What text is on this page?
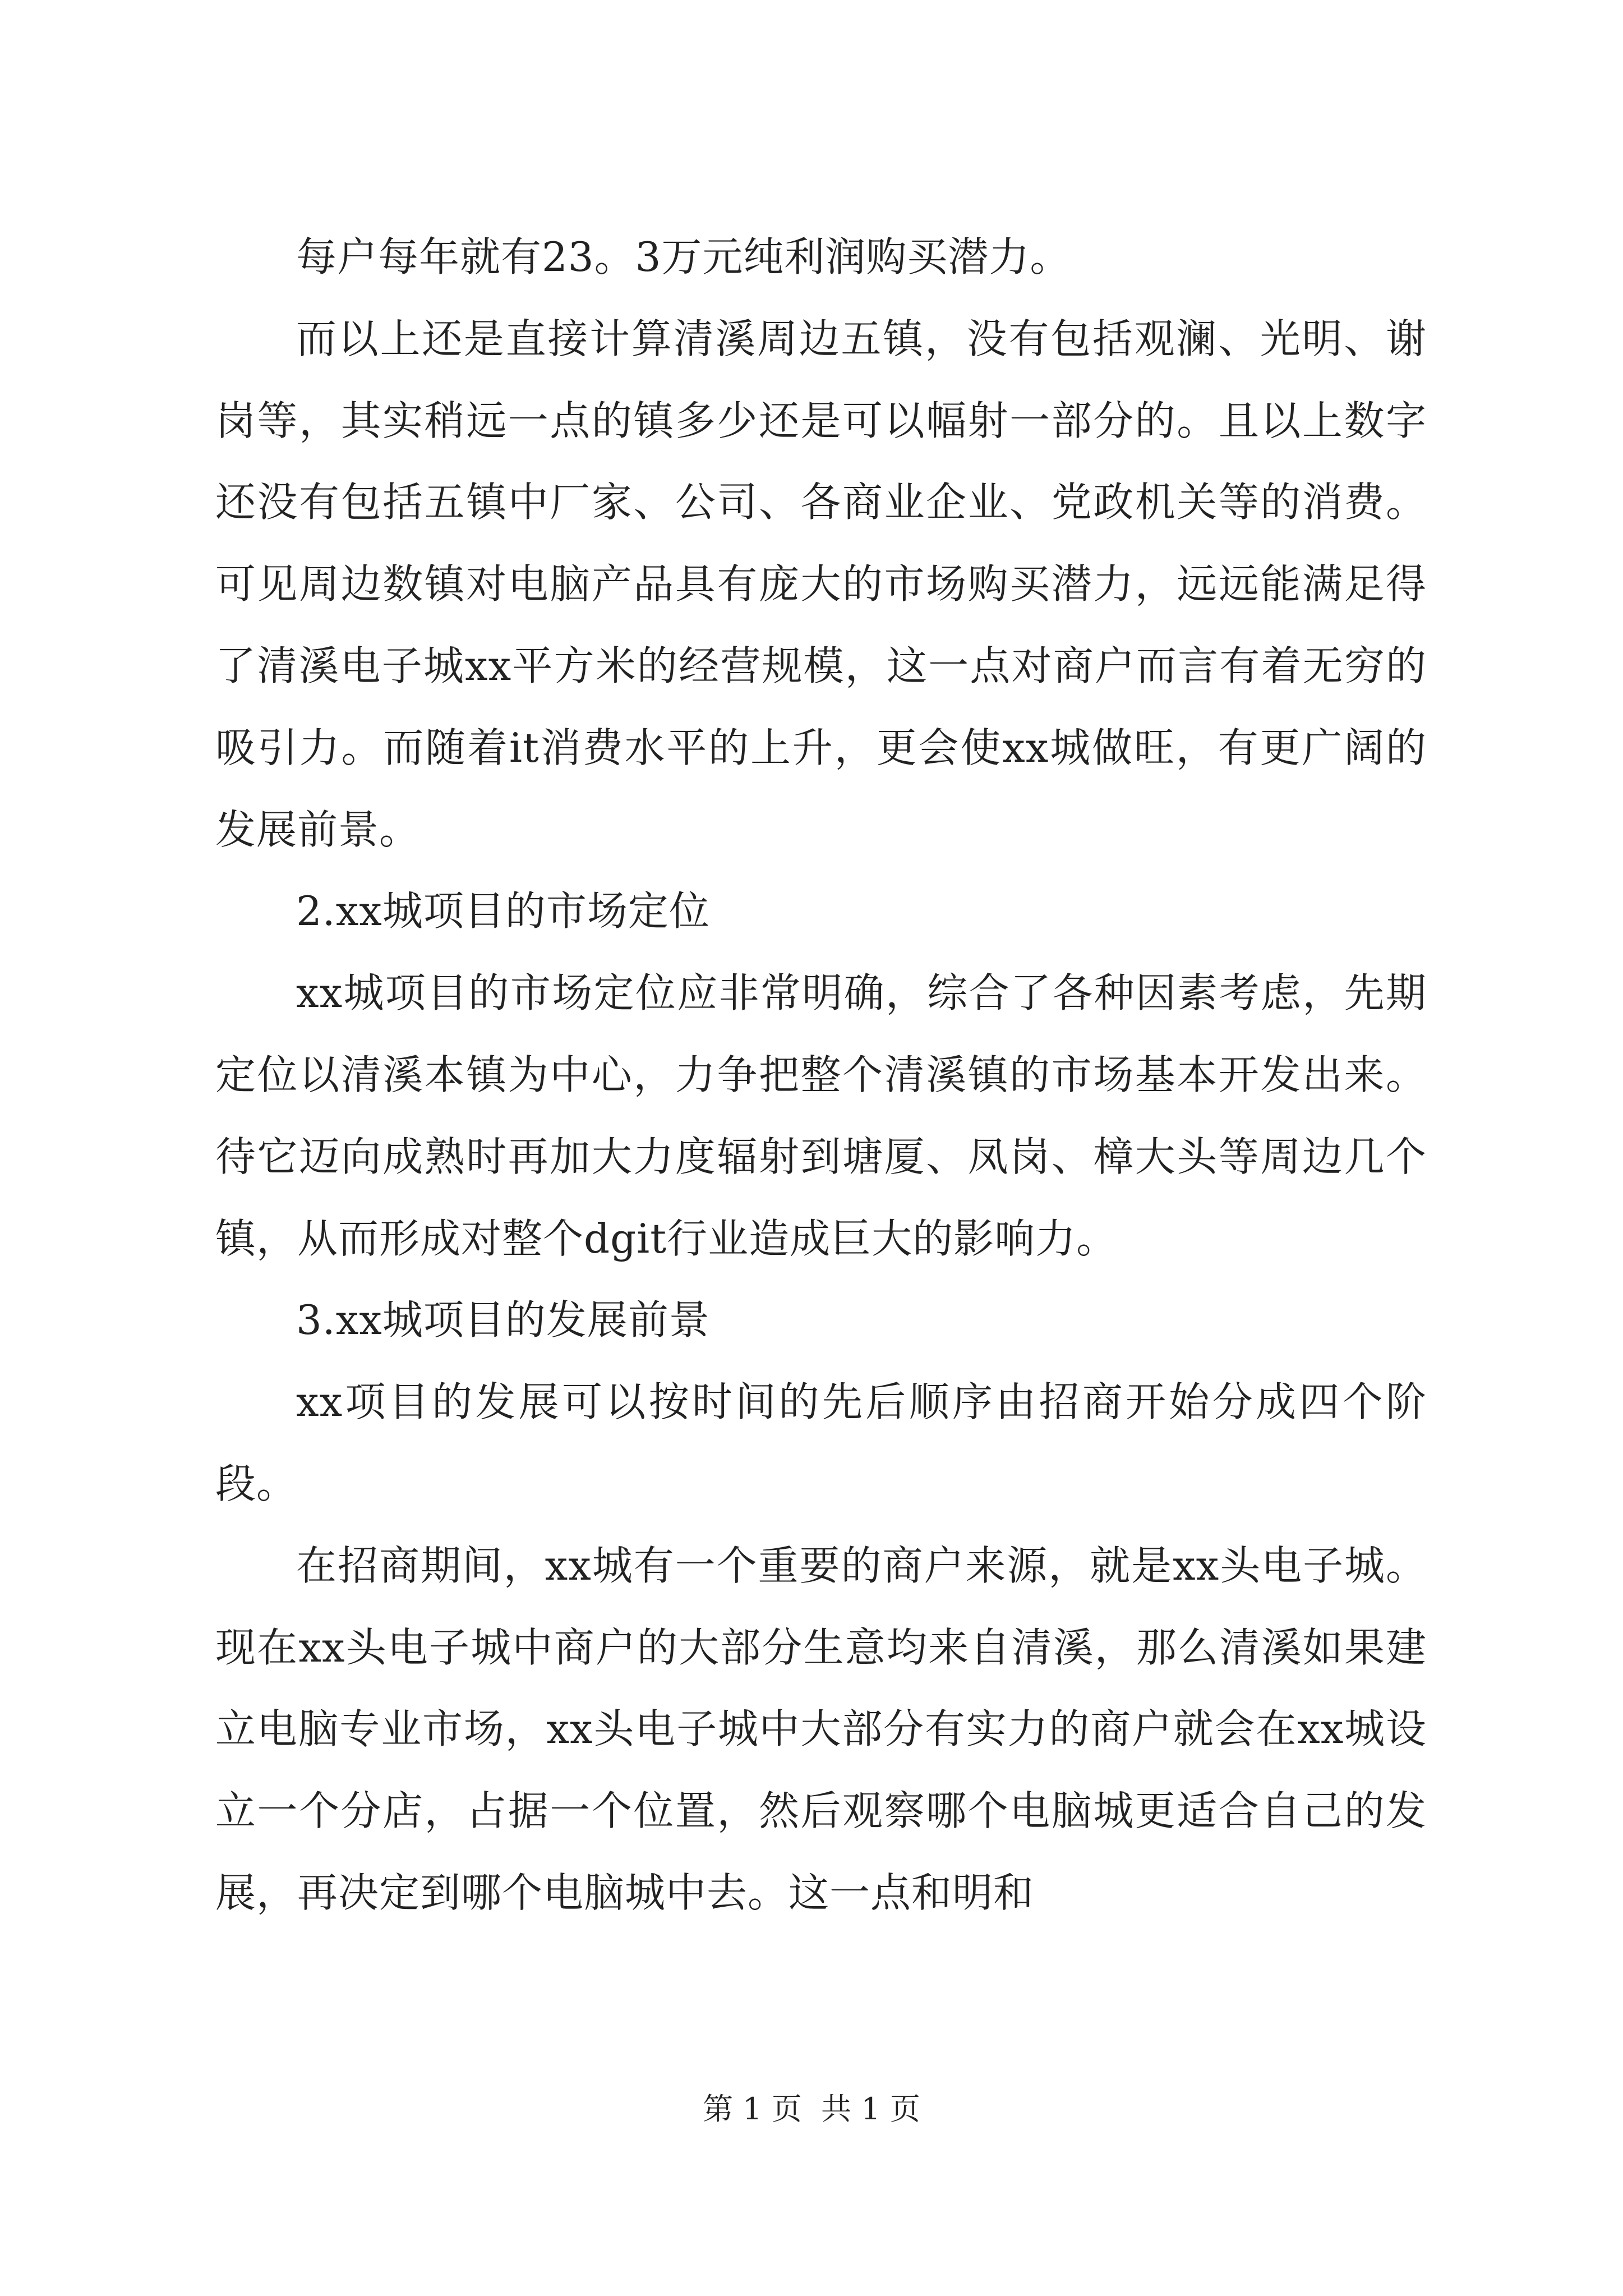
每户每年就有23。3万元纯利润购买潜力。

而以上还是直接计算清溪周边五镇，没有包括观澜、光明、谢岗等，其实稍远一点的镇多少还是可以幅射一部分的。且以上数字还没有包括五镇中厂家、公司、各商业企业、党政机关等的消费。可见周边数镇对电脑产品具有庞大的市场购买潜力，远远能满足得了清溪电子城xx平方米的经营规模，这一点对商户而言有着无穷的吸引力。而随着it消费水平的上升，更会使xx城做旺，有更广阔的发展前景。

2.xx城项目的市场定位

xx城项目的市场定位应非常明确，综合了各种因素考虑，先期定位以清溪本镇为中心，力争把整个清溪镇的市场基本开发出来。待它迈向成熟时再加大力度辐射到塘厦、凤岗、樟大头等周边几个镇，从而形成对整个dgit行业造成巨大的影响力。

3.xx城项目的发展前景

xx项目的发展可以按时间的先后顺序由招商开始分成四个阶段。

在招商期间，xx城有一个重要的商户来源，就是xx头电子城。现在xx头电子城中商户的大部分生意均来自清溪，那么清溪如果建立电脑专业市场，xx头电子城中大部分有实力的商户就会在xx城设立一个分店，占据一个位置，然后观察哪个电脑城更适合自己的发展，再决定到哪个电脑城中去。这一点和明和

第 1 页  共 1 页
